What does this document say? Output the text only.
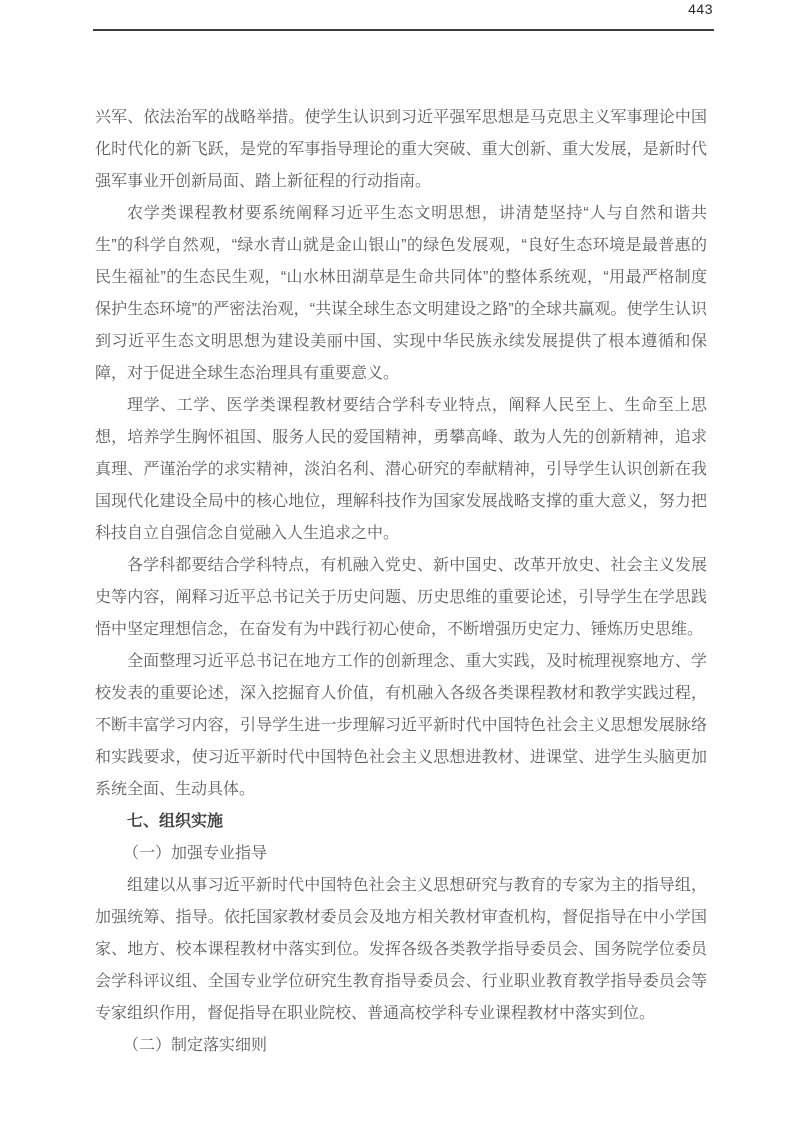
443

兴军、依法治军的战略举措。使学生认识到习近平强军思想是马克思主义军事理论中国化时代化的新飞跃，是党的军事指导理论的重大突破、重大创新、重大发展，是新时代强军事业开创新局面、踏上新征程的行动指南。

农学类课程教材要系统阐释习近平生态文明思想，讲清楚坚持“人与自然和谐共生”的科学自然观，“绿水青山就是金山银山”的绿色发展观，“良好生态环境是最普惠的民生福祉”的生态民生观，“山水林田湖草是生命共同体”的整体系统观，“用最严格制度保护生态环境”的严密法治观，“共谋全球生态文明建设之路”的全球共赢观。使学生认识到习近平生态文明思想为建设美丽中国、实现中华民族永续发展提供了根本遵循和保障，对于促进全球生态治理具有重要意义。

理学、工学、医学类课程教材要结合学科专业特点，阐释人民至上、生命至上思想，培养学生胸怀祖国、服务人民的爱国精神，勇攀高峰、敢为人先的创新精神，追求真理、严谨治学的求实精神，淡泊名利、潜心研究的奉献精神，引导学生认识创新在我国现代化建设全局中的核心地位，理解科技作为国家发展战略支撑的重大意义，努力把科技自立自强信念自觉融入人生追求之中。

各学科都要结合学科特点，有机融入党史、新中国史、改革开放史、社会主义发展史等内容，阐释习近平总书记关于历史问题、历史思维的重要论述，引导学生在学思践悟中坚定理想信念，在奋发有为中践行初心使命，不断增强历史定力、锤炼历史思维。

全面整理习近平总书记在地方工作的创新理念、重大实践，及时梳理视察地方、学校发表的重要论述，深入挖掘育人价值，有机融入各级各类课程教材和教学实践过程，不断丰富学习内容，引导学生进一步理解习近平新时代中国特色社会主义思想发展脉络和实践要求，使习近平新时代中国特色社会主义思想进教材、进课堂、进学生头脑更加系统全面、生动具体。

七、组织实施

（一）加强专业指导

组建以从事习近平新时代中国特色社会主义思想研究与教育的专家为主的指导组，加强统筹、指导。依托国家教材委员会及地方相关教材审查机构，督促指导在中小学国家、地方、校本课程教材中落实到位。发挥各级各类教学指导委员会、国务院学位委员会学科评议组、全国专业学位研究生教育指导委员会、行业职业教育教学指导委员会等专家组织作用，督促指导在职业院校、普通高校学科专业课程教材中落实到位。

（二）制定落实细则
